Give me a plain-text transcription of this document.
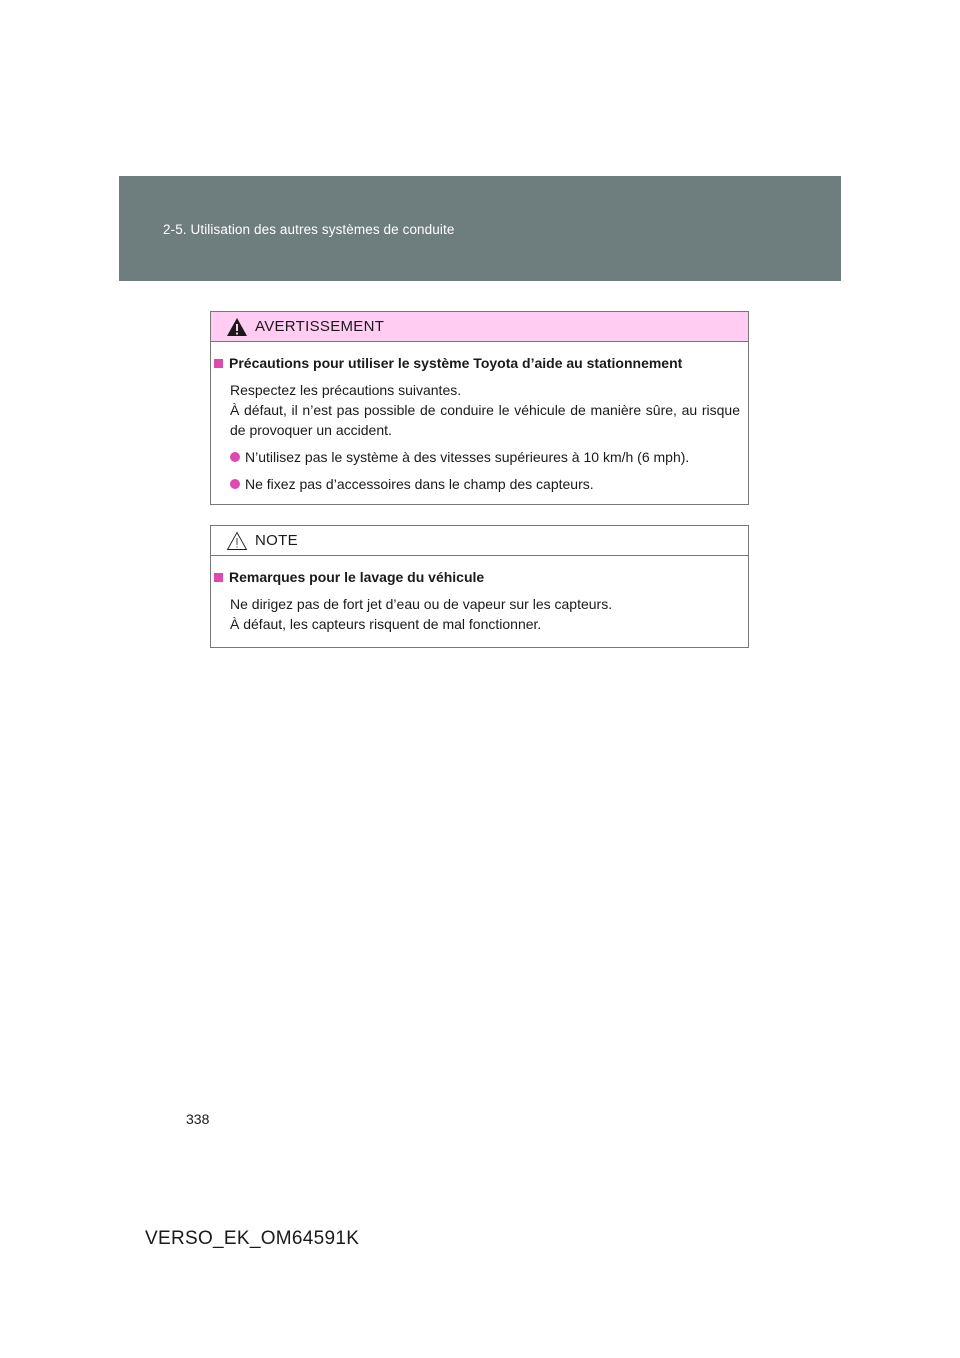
2-5. Utilisation des autres systèmes de conduite
AVERTISSEMENT
Précautions pour utiliser le système Toyota d’aide au stationnement

Respectez les précautions suivantes.

À défaut, il n’est pas possible de conduire le véhicule de manière sûre, au risque de provoquer un accident.

N’utilisez pas le système à des vitesses supérieures à 10 km/h (6 mph).
Ne fixez pas d’accessoires dans le champ des capteurs.
NOTE
Remarques pour le lavage du véhicule

Ne dirigez pas de fort jet d’eau ou de vapeur sur les capteurs.

À défaut, les capteurs risquent de mal fonctionner.

338
VERSO_EK_OM64591K
